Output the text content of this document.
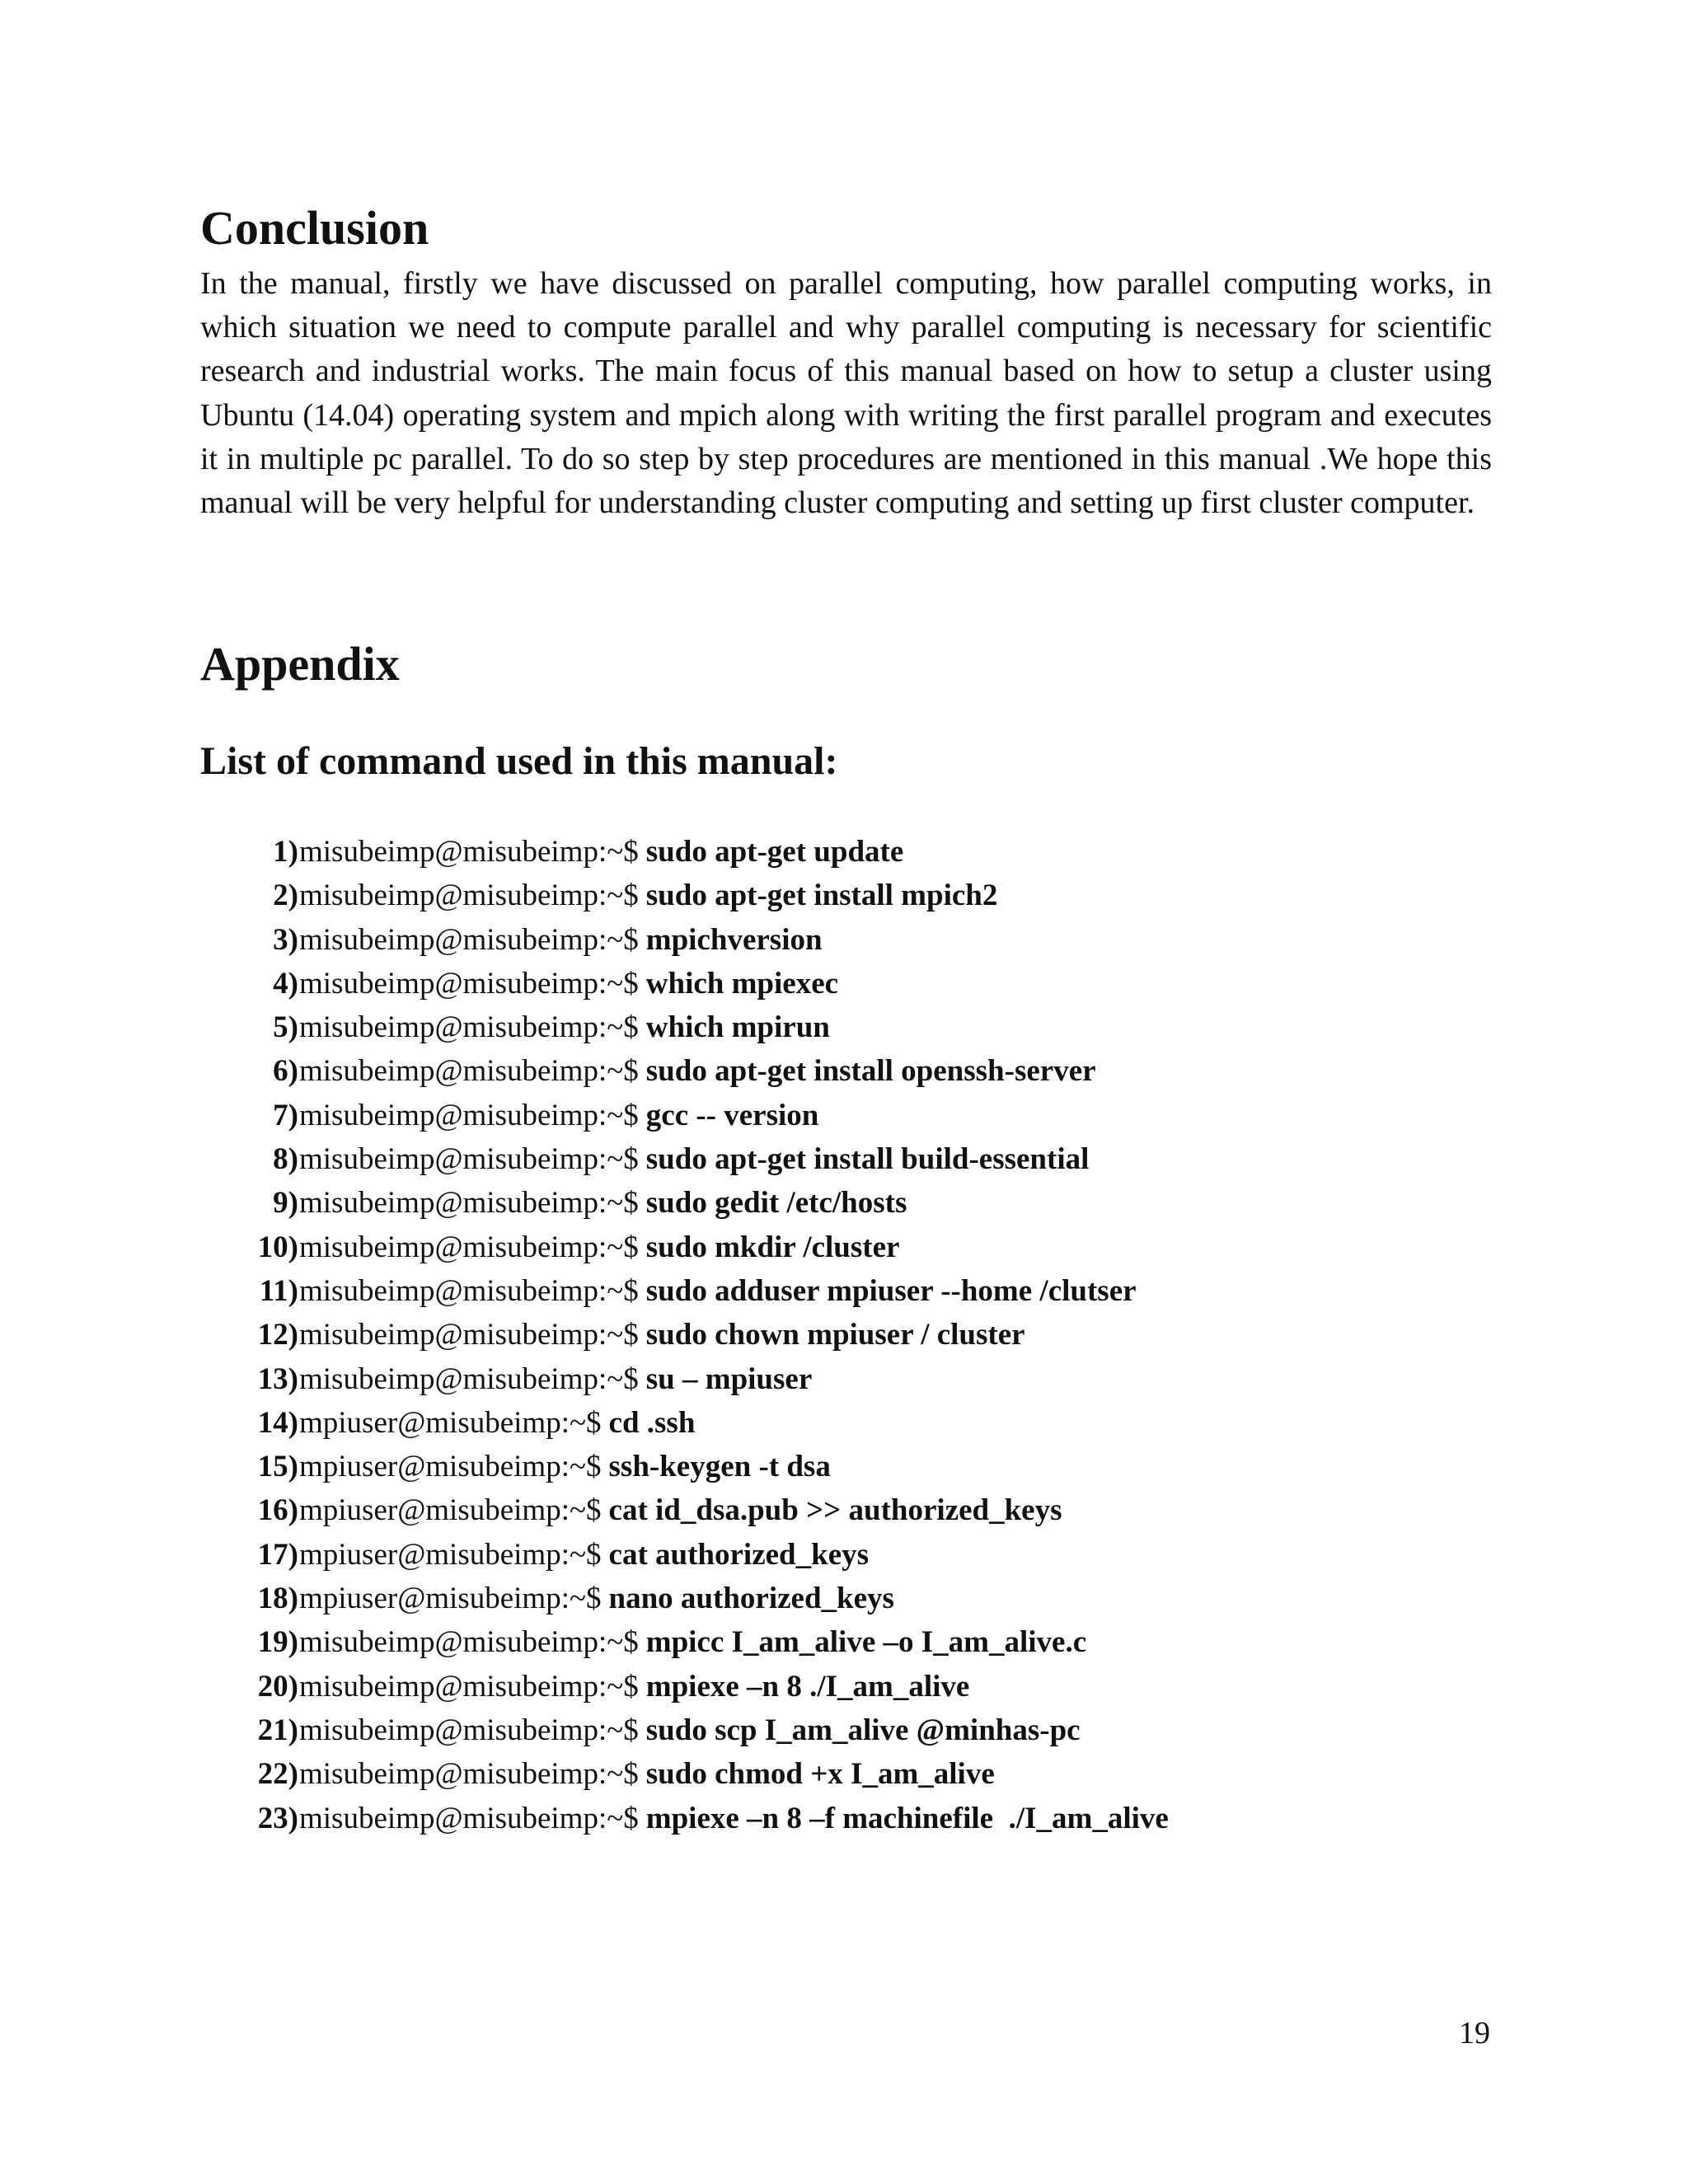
Conclusion

In the manual, firstly we have discussed on parallel computing, how parallel computing works, in which situation we need to compute parallel and why parallel computing is necessary for scientific research and industrial works. The main focus of this manual based on how to setup a cluster using Ubuntu (14.04) operating system and mpich along with writing the first parallel program and executes it in multiple pc parallel. To do so step by step procedures are mentioned in this manual .We hope this manual will be very helpful for understanding cluster computing and setting up first cluster computer.

Appendix
List of command used in this manual:
1) misubeimp@misubeimp:~$ sudo apt-get update
2) misubeimp@misubeimp:~$ sudo apt-get install mpich2
3) misubeimp@misubeimp:~$ mpichversion
4) misubeimp@misubeimp:~$ which mpiexec
5) misubeimp@misubeimp:~$ which mpirun
6) misubeimp@misubeimp:~$ sudo apt-get install openssh-server
7) misubeimp@misubeimp:~$ gcc -- version
8) misubeimp@misubeimp:~$ sudo apt-get install build-essential
9) misubeimp@misubeimp:~$ sudo gedit /etc/hosts
10) misubeimp@misubeimp:~$ sudo mkdir /cluster
11) misubeimp@misubeimp:~$ sudo adduser mpiuser --home /clutser
12) misubeimp@misubeimp:~$ sudo chown mpiuser / cluster
13) misubeimp@misubeimp:~$ su – mpiuser
14) mpiuser@misubeimp:~$ cd .ssh
15) mpiuser@misubeimp:~$ ssh-keygen -t dsa
16) mpiuser@misubeimp:~$ cat id_dsa.pub >> authorized_keys
17) mpiuser@misubeimp:~$ cat authorized_keys
18) mpiuser@misubeimp:~$ nano authorized_keys
19) misubeimp@misubeimp:~$ mpicc I_am_alive –o I_am_alive.c
20) misubeimp@misubeimp:~$ mpiexe –n 8 ./I_am_alive
21) misubeimp@misubeimp:~$ sudo scp I_am_alive @minhas-pc
22) misubeimp@misubeimp:~$ sudo chmod +x I_am_alive
23) misubeimp@misubeimp:~$ mpiexe –n 8 –f machinefile  ./I_am_alive
19
